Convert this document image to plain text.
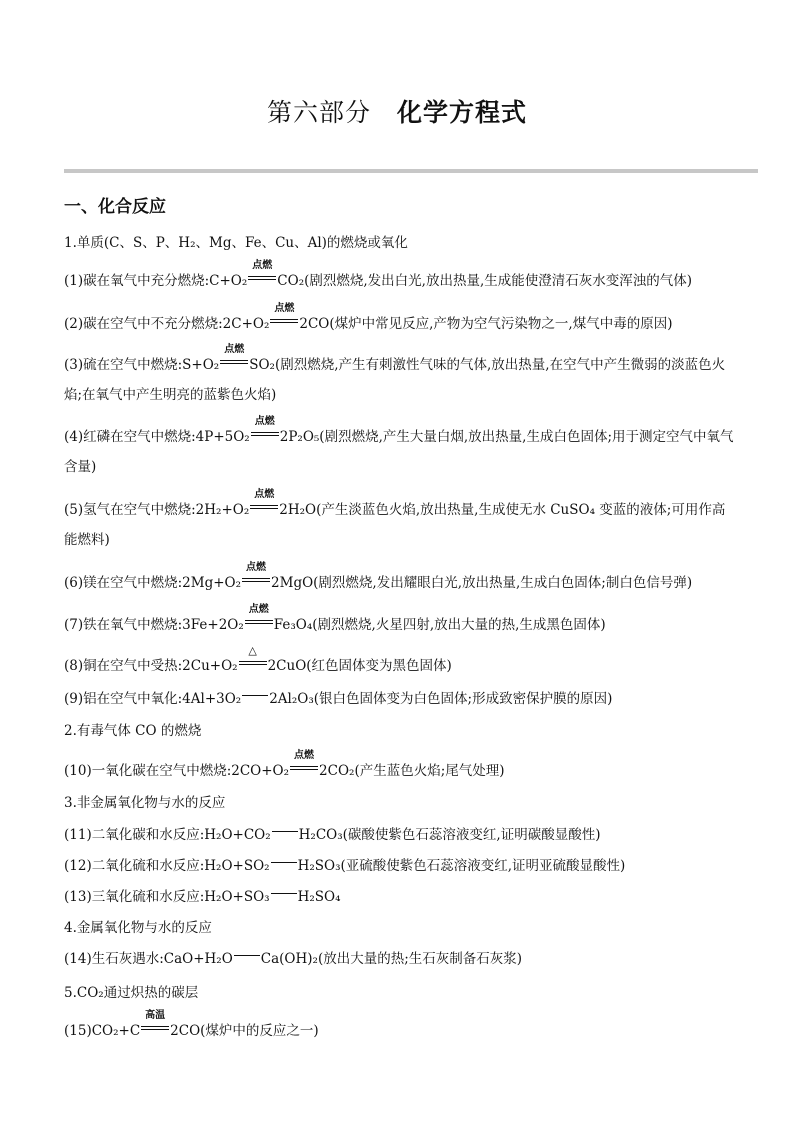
第六部分 化学方程式
一、化合反应
1.单质(C、S、P、H₂、Mg、Fe、Cu、Al)的燃烧或氧化
(1)碳在氧气中充分燃烧:C+O₂
点燃
CO₂(剧烈燃烧,发出白光,放出热量,生成能使澄清石灰水变浑浊的气体)
(2)碳在空气中不充分燃烧:2C+O₂
点燃
2CO(煤炉中常见反应,产物为空气污染物之一,煤气中毒的原因)
(3)硫在空气中燃烧:S+O₂
点燃
SO₂(剧烈燃烧,产生有刺激性气味的气体,放出热量,在空气中产生微弱的淡蓝色火焰;在氧气中产生明亮的蓝紫色火焰)
(4)红磷在空气中燃烧:4P+5O₂
点燃
2P₂O₅(剧烈燃烧,产生大量白烟,放出热量,生成白色固体;用于测定空气中氧气含量)
(5)氢气在空气中燃烧:2H₂+O₂
点燃
2H₂O(产生淡蓝色火焰,放出热量,生成使无水 CuSO₄ 变蓝的液体;可用作高能燃料)
(6)镁在空气中燃烧:2Mg+O₂
点燃
2MgO(剧烈燃烧,发出耀眼白光,放出热量,生成白色固体;制白色信号弹)
(7)铁在氧气中燃烧:3Fe+2O₂
点燃
Fe₃O₄(剧烈燃烧,火星四射,放出大量的热,生成黑色固体)
(8)铜在空气中受热:2Cu+O₂
△
2CuO(红色固体变为黑色固体)
(9)铝在空气中氧化:4Al+3O₂ 2Al₂O₃(银白色固体变为白色固体;形成致密保护膜的原因)
2.有毒气体 CO 的燃烧
(10)一氧化碳在空气中燃烧:2CO+O₂
点燃
2CO₂(产生蓝色火焰;尾气处理)
3.非金属氧化物与水的反应
(11)二氧化碳和水反应:H₂O+CO₂ H₂CO₃(碳酸使紫色石蕊溶液变红,证明碳酸显酸性)
(12)二氧化硫和水反应:H₂O+SO₂ H₂SO₃(亚硫酸使紫色石蕊溶液变红,证明亚硫酸显酸性)
(13)三氧化硫和水反应:H₂O+SO₃ H₂SO₄
4.金属氧化物与水的反应
(14)生石灰遇水:CaO+H₂O Ca(OH)₂(放出大量的热;生石灰制备石灰浆)
5.CO₂通过炽热的碳层
(15)CO₂+C
高温
2CO(煤炉中的反应之一)
